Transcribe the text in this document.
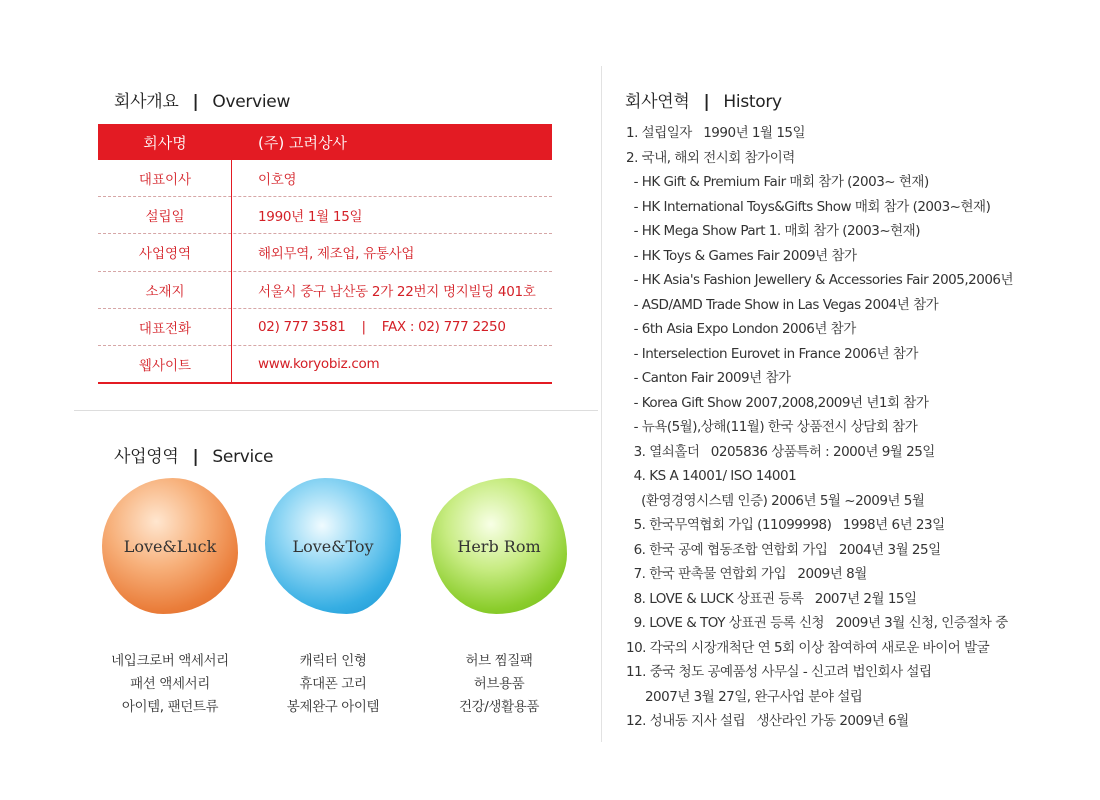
회사개요 | Overview
회사명	(주) 고려상사
대표이사	이호영
설립일	1990년 1월 15일
사업영역	해외무역, 제조업, 유통사업
소재지	서울시 중구 남산동 2가 22번지 명지빌딩 401호
대표전화	02) 777 3581    |    FAX : 02) 777 2250
웹사이트	www.koryobiz.com
사업영역 | Service
Love&Luck
네입크로버 액세서리
패션 액세서리
아이템, 팬던트류
Love&Toy
캐릭터 인형
휴대폰 고리
봉제완구 아이템
Herb Rom
허브 찜질팩
허브용품
건강/생활용품
회사연혁 | History
1. 설립일자   1990년 1월 15일
2. 국내, 해외 전시회 참가이력
- HK Gift & Premium Fair 매회 참가 (2003~ 현재)
- HK International Toys&Gifts Show 매회 참가 (2003~현재)
- HK Mega Show Part 1. 매회 참가 (2003~현재)
- HK Toys & Games Fair 2009년 참가
- HK Asia's Fashion Jewellery & Accessories Fair 2005,2006년
- ASD/AMD Trade Show in Las Vegas 2004년 참가
- 6th Asia Expo London 2006년 참가
- Interselection Eurovet in France 2006년 참가
- Canton Fair 2009년 참가
- Korea Gift Show 2007,2008,2009년 년1회 참가
- 뉴욕(5월),상해(11월) 한국 상품전시 상담회 참가
3. 열쇠홀더   0205836 상품특허 : 2000년 9월 25일
4. KS A 14001/ ISO 14001
(환영경영시스템 인증) 2006년 5월 ~2009년 5월
5. 한국무역협회 가입 (11099998)   1998년 6년 23일
6. 한국 공예 협동조합 연합회 가입   2004년 3월 25일
7. 한국 판촉물 연합회 가입   2009년 8월
8. LOVE & LUCK 상표권 등록   2007년 2월 15일
9. LOVE & TOY 상표권 등록 신청   2009년 3월 신청, 인증절차 중
10. 각국의 시장개척단 연 5회 이상 참여하여 새로운 바이어 발굴
11. 중국 청도 공예품성 사무실 - 신고려 법인회사 설립
2007년 3월 27일, 완구사업 분야 설립
12. 성내동 지사 설립   생산라인 가동 2009년 6월
